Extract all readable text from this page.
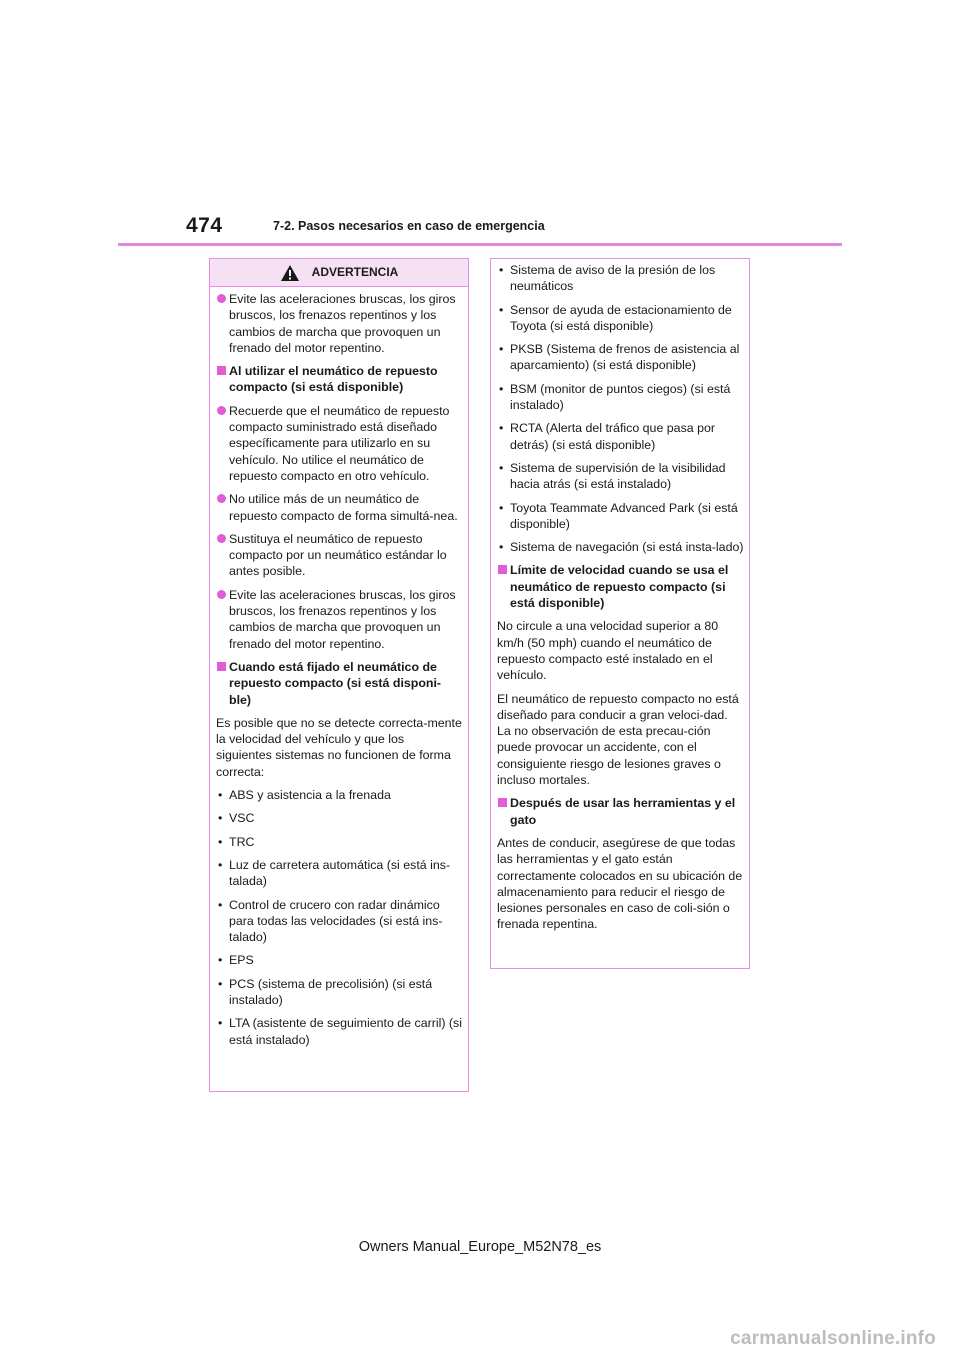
474	7-2. Pasos necesarios en caso de emergencia
ADVERTENCIA
Evite las aceleraciones bruscas, los giros bruscos, los frenazos repentinos y los cambios de marcha que provoquen un frenado del motor repentino.
Al utilizar el neumático de repuesto compacto (si está disponible)
Recuerde que el neumático de repuesto compacto suministrado está diseñado específicamente para utilizarlo en su vehículo. No utilice el neumático de repuesto compacto en otro vehículo.
No utilice más de un neumático de repuesto compacto de forma simultá-nea.
Sustituya el neumático de repuesto compacto por un neumático estándar lo antes posible.
Evite las aceleraciones bruscas, los giros bruscos, los frenazos repentinos y los cambios de marcha que provoquen un frenado del motor repentino.
Cuando está fijado el neumático de repuesto compacto (si está disponi-ble)
Es posible que no se detecte correcta-mente la velocidad del vehículo y que los siguientes sistemas no funcionen de forma correcta:
• ABS y asistencia a la frenada
• VSC
• TRC
• Luz de carretera automática (si está ins-talada)
• Control de crucero con radar dinámico para todas las velocidades (si está ins-talado)
• EPS
• PCS (sistema de precolisión) (si está instalado)
• LTA (asistente de seguimiento de carril) (si está instalado)
• Sistema de aviso de la presión de los neumáticos
• Sensor de ayuda de estacionamiento de Toyota (si está disponible)
• PKSB (Sistema de frenos de asistencia al aparcamiento) (si está disponible)
• BSM (monitor de puntos ciegos) (si está instalado)
• RCTA (Alerta del tráfico que pasa por detrás) (si está disponible)
• Sistema de supervisión de la visibilidad hacia atrás (si está instalado)
• Toyota Teammate Advanced Park (si está disponible)
• Sistema de navegación (si está insta-lado)
Límite de velocidad cuando se usa el neumático de repuesto compacto (si está disponible)
No circule a una velocidad superior a 80 km/h (50 mph) cuando el neumático de repuesto compacto esté instalado en el vehículo.
El neumático de repuesto compacto no está diseñado para conducir a gran veloci-dad. La no observación de esta precau-ción puede provocar un accidente, con el consiguiente riesgo de lesiones graves o incluso mortales.
Después de usar las herramientas y el gato
Antes de conducir, asegúrese de que todas las herramientas y el gato están correctamente colocados en su ubicación de almacenamiento para reducir el riesgo de lesiones personales en caso de coli-sión o frenada repentina.
Owners Manual_Europe_M52N78_es
carmanualsonline.info
